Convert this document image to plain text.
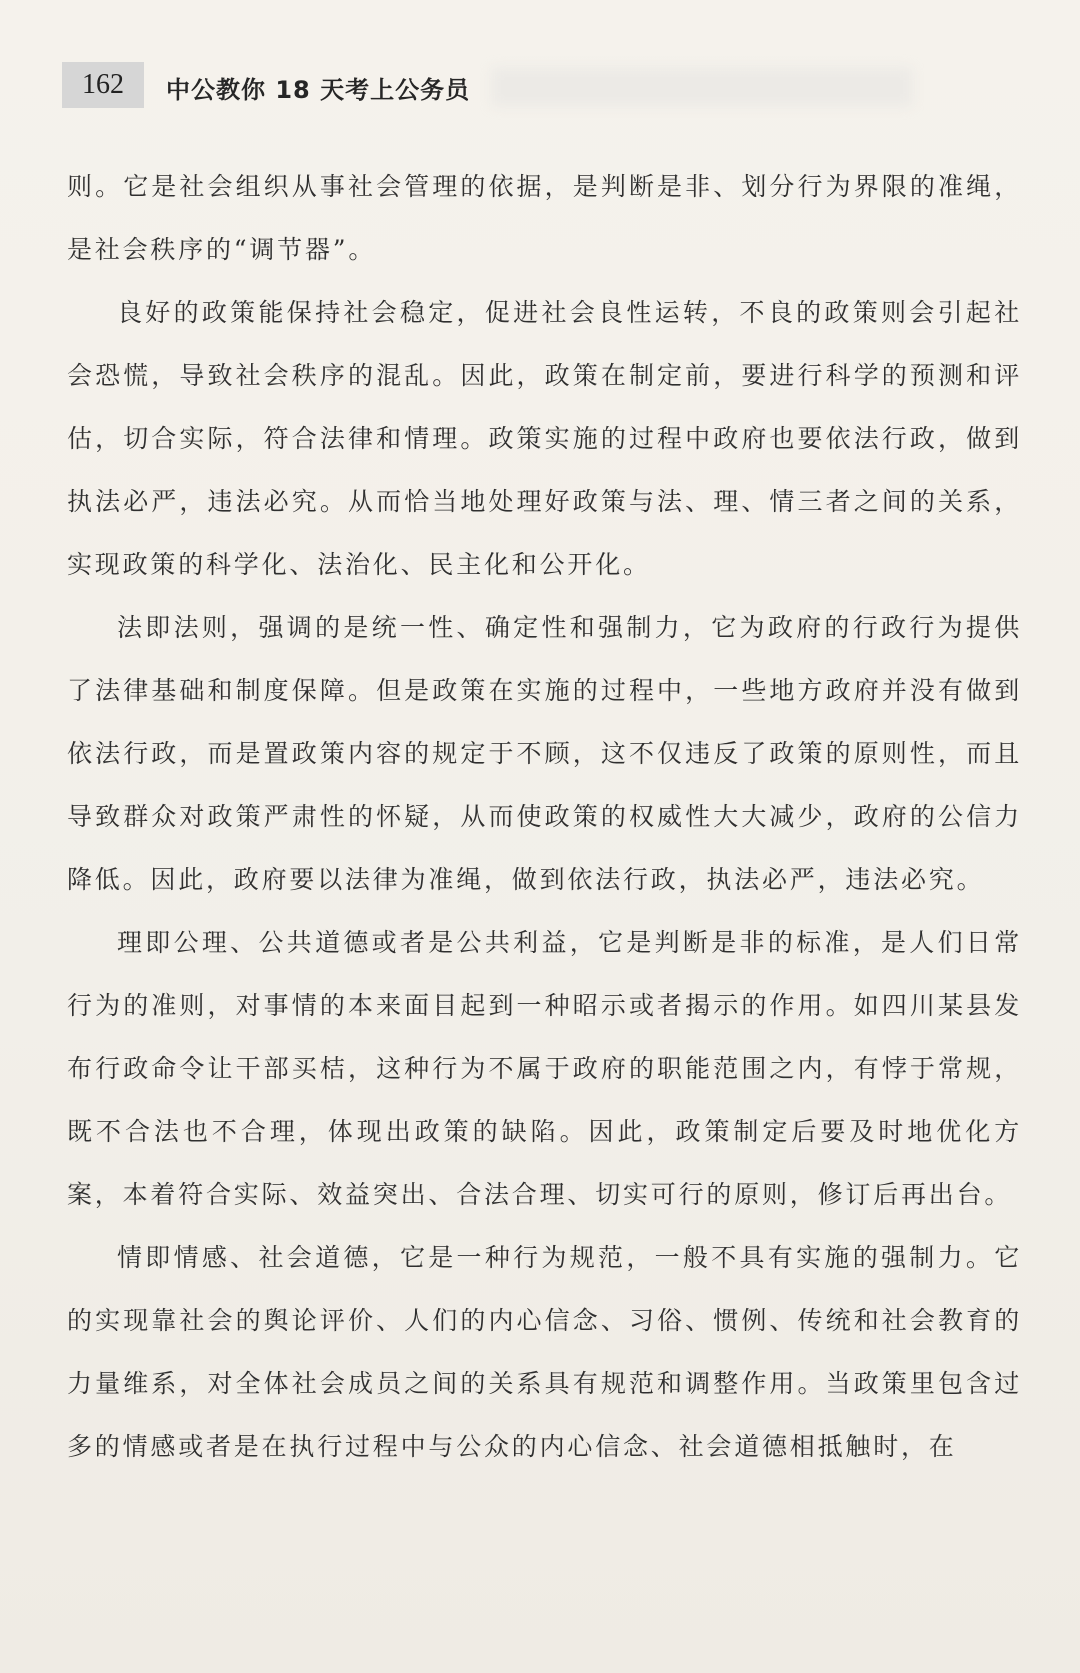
162 中公教你 18 天考上公务员

则。它是社会组织从事社会管理的依据，是判断是非、划分行为界限的准绳，是社会秩序的“调节器”。

良好的政策能保持社会稳定，促进社会良性运转，不良的政策则会引起社会恐慌，导致社会秩序的混乱。因此，政策在制定前，要进行科学的预测和评估，切合实际，符合法律和情理。政策实施的过程中政府也要依法行政，做到执法必严，违法必究。从而恰当地处理好政策与法、理、情三者之间的关系，实现政策的科学化、法治化、民主化和公开化。

法即法则，强调的是统一性、确定性和强制力，它为政府的行政行为提供了法律基础和制度保障。但是政策在实施的过程中，一些地方政府并没有做到依法行政，而是置政策内容的规定于不顾，这不仅违反了政策的原则性，而且导致群众对政策严肃性的怀疑，从而使政策的权威性大大减少，政府的公信力降低。因此，政府要以法律为准绳，做到依法行政，执法必严，违法必究。

理即公理、公共道德或者是公共利益，它是判断是非的标准，是人们日常行为的准则，对事情的本来面目起到一种昭示或者揭示的作用。如四川某县发布行政命令让干部买桔，这种行为不属于政府的职能范围之内，有悖于常规，既不合法也不合理，体现出政策的缺陷。因此，政策制定后要及时地优化方案，本着符合实际、效益突出、合法合理、切实可行的原则，修订后再出台。

情即情感、社会道德，它是一种行为规范，一般不具有实施的强制力。它的实现靠社会的舆论评价、人们的内心信念、习俗、惯例、传统和社会教育的力量维系，对全体社会成员之间的关系具有规范和调整作用。当政策里包含过多的情感或者是在执行过程中与公众的内心信念、社会道德相抵触时，在
